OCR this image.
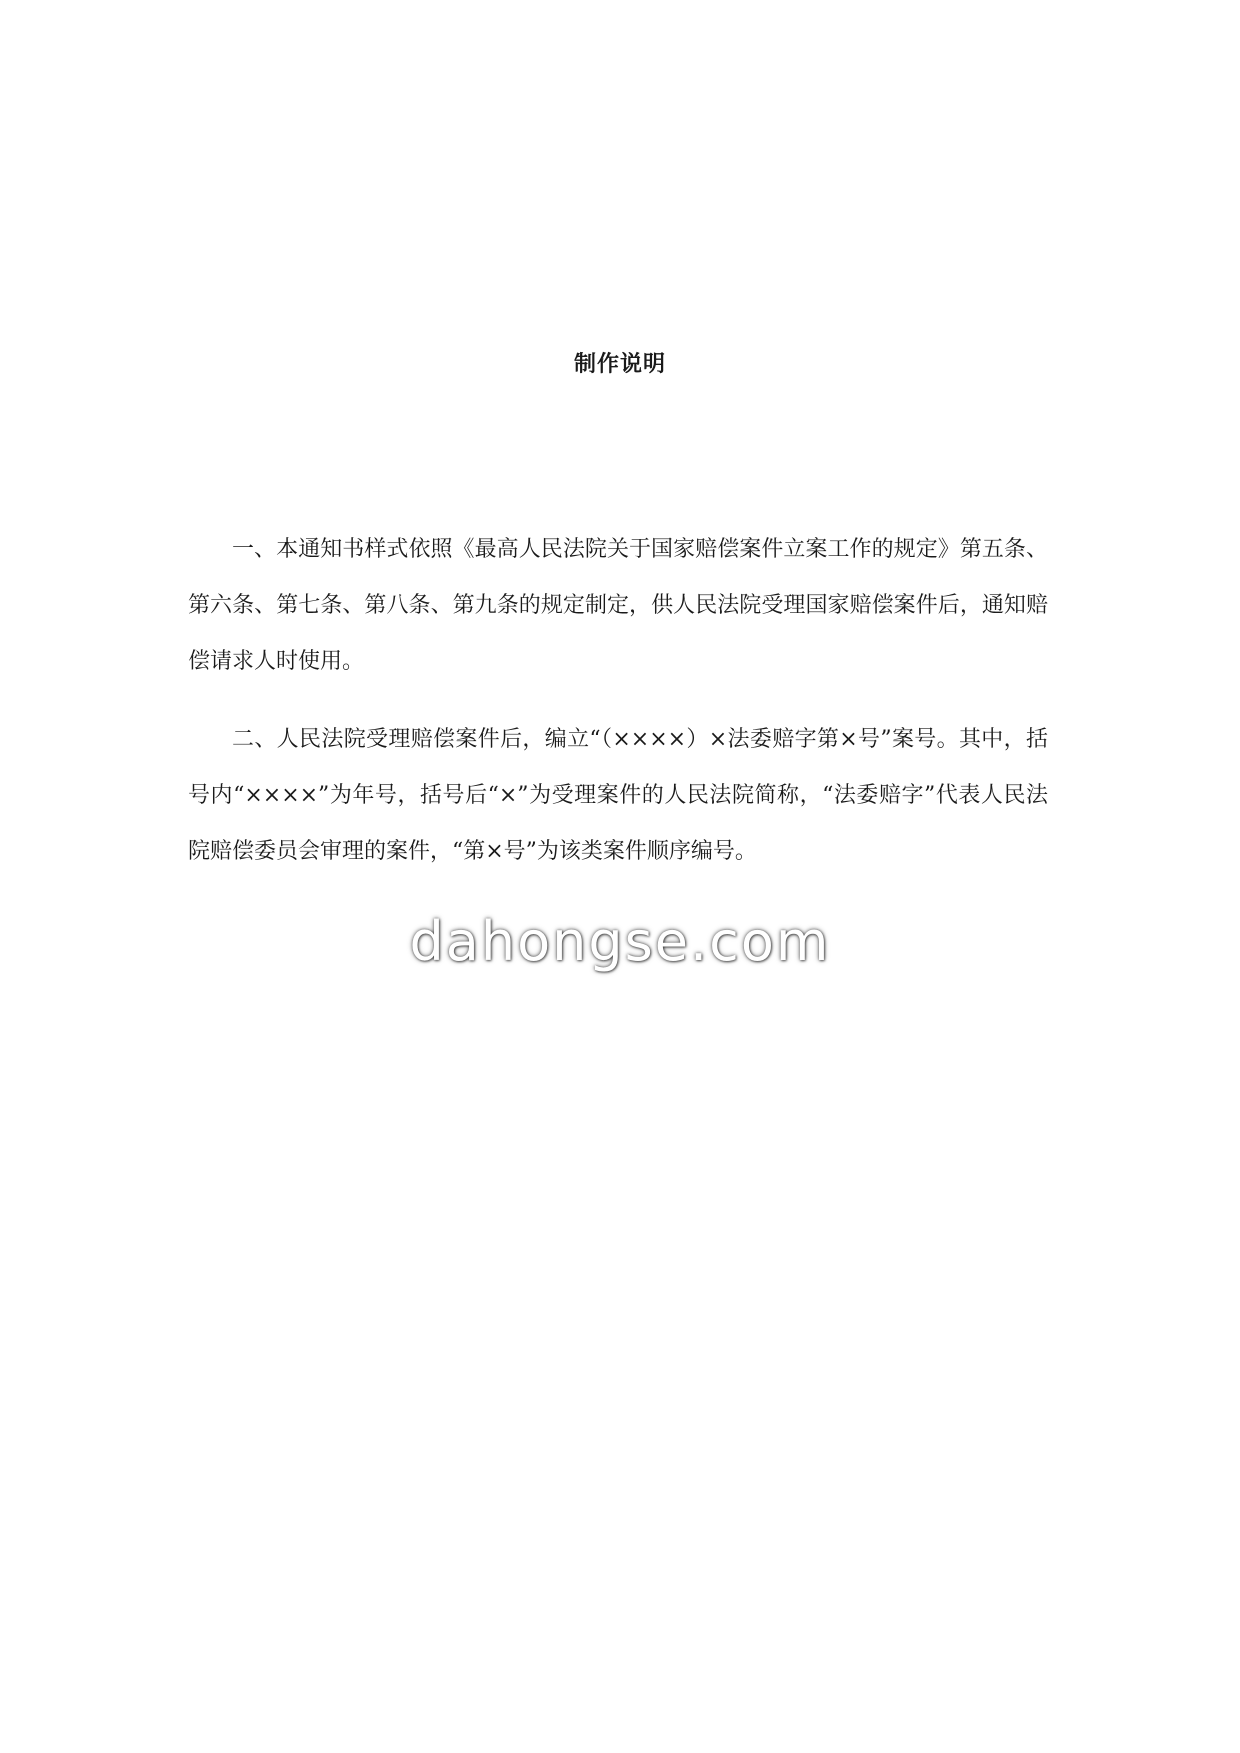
制作说明

一、本通知书样式依照《最高人民法院关于国家赔偿案件立案工作的规定》第五条、第六条、第七条、第八条、第九条的规定制定，供人民法院受理国家赔偿案件后，通知赔偿请求人时使用。

二、人民法院受理赔偿案件后，编立“（××××）×法委赔字第×号”案号。其中，括号内“××××”为年号，括号后“×”为受理案件的人民法院简称，“法委赔字”代表人民法院赔偿委员会审理的案件，“第×号”为该类案件顺序编号。

dahongse.com
